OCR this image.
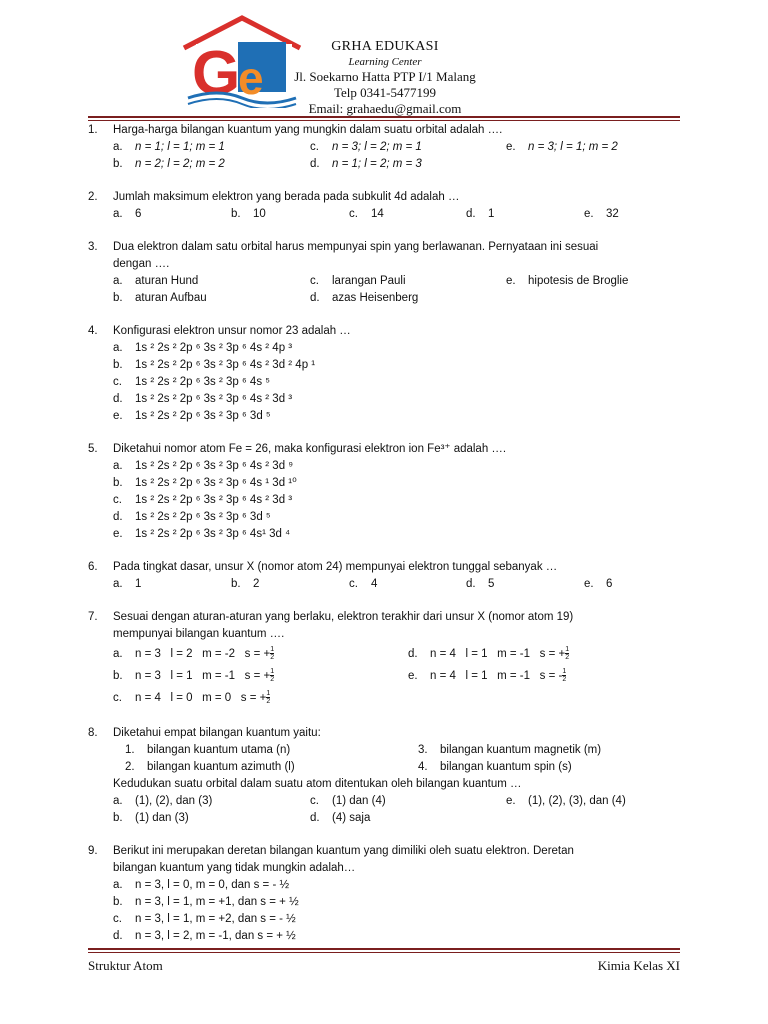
G
e
GRHA EDUKASI
Learning Center
Jl. Soekarno Hatta PTP I/1 Malang
Telp 0341-5477199
Email: grahaedu@gmail.com
1. Harga-harga bilangan kuantum yang mungkin dalam suatu orbital adalah ….
a. n = 1; l = 1; m = 1	c. n = 3; l = 2; m = 1	e. n = 3; l = 1; m = 2
b. n = 2; l = 2; m = 2	d. n = 1; l = 2; m = 3
2. Jumlah maksimum elektron yang berada pada subkulit 4d adalah …
a. 6	b. 10	c. 14	d. 1	e. 32
3. Dua elektron dalam satu orbital harus mempunyai spin yang berlawanan. Pernyataan ini sesuai
dengan ….
a. aturan Hund	c. larangan Pauli	e. hipotesis de Broglie
b. aturan Aufbau	d. azas Heisenberg
4. Konfigurasi elektron unsur nomor 23 adalah …
a. 1s ² 2s ² 2p ⁶ 3s ² 3p ⁶ 4s ² 4p ³
b. 1s ² 2s ² 2p ⁶ 3s ² 3p ⁶ 4s ² 3d ² 4p ¹
c. 1s ² 2s ² 2p ⁶ 3s ² 3p ⁶ 4s ⁵
d. 1s ² 2s ² 2p ⁶ 3s ² 3p ⁶ 4s ² 3d ³
e. 1s ² 2s ² 2p ⁶ 3s ² 3p ⁶ 3d ⁵
5. Diketahui nomor atom Fe = 26, maka konfigurasi elektron ion Fe³⁺ adalah ….
a. 1s ² 2s ² 2p ⁶ 3s ² 3p ⁶ 4s ² 3d ⁹
b. 1s ² 2s ² 2p ⁶ 3s ² 3p ⁶ 4s ¹ 3d ¹⁰
c. 1s ² 2s ² 2p ⁶ 3s ² 3p ⁶ 4s ² 3d ³
d. 1s ² 2s ² 2p ⁶ 3s ² 3p ⁶ 3d ⁵
e. 1s ² 2s ² 2p ⁶ 3s ² 3p ⁶ 4s¹ 3d ⁴
6. Pada tingkat dasar, unsur X (nomor atom 24) mempunyai elektron tunggal sebanyak …
a. 1	b. 2	c. 4	d. 5	e. 6
7. Sesuai dengan aturan-aturan yang berlaku, elektron terakhir dari unsur X (nomor atom 19)
mempunyai bilangan kuantum ….
a. n = 3   l = 2   m = -2   s = + $\frac{1}{2}$	d. n = 4   l = 1   m = -1   s = + $\frac{1}{2}$
b. n = 3   l = 1   m = -1   s = + $\frac{1}{2}$	e. n = 4   l = 1   m = -1   s = - $\frac{1}{2}$
c. n = 4   l = 0   m = 0   s = + $\frac{1}{2}$
8. Diketahui empat bilangan kuantum yaitu:
1. bilangan kuantum utama (n)	3. bilangan kuantum magnetik (m)
2. bilangan kuantum azimuth (l)	4. bilangan kuantum spin (s)
Kedudukan suatu orbital dalam suatu atom ditentukan oleh bilangan kuantum …
a. (1), (2), dan (3)	c. (1) dan (4)	e. (1), (2), (3), dan (4)
b. (1) dan (3)	d. (4) saja
9. Berikut ini merupakan deretan bilangan kuantum yang dimiliki oleh suatu elektron. Deretan
bilangan kuantum yang tidak mungkin adalah…
a. n = 3, l = 0, m = 0, dan s = - ½
b. n = 3, l = 1, m = +1, dan s = + ½
c. n = 3, l = 1, m = +2, dan s = - ½
d. n = 3, l = 2, m = -1, dan s = + ½
Struktur Atom	Kimia Kelas XI
